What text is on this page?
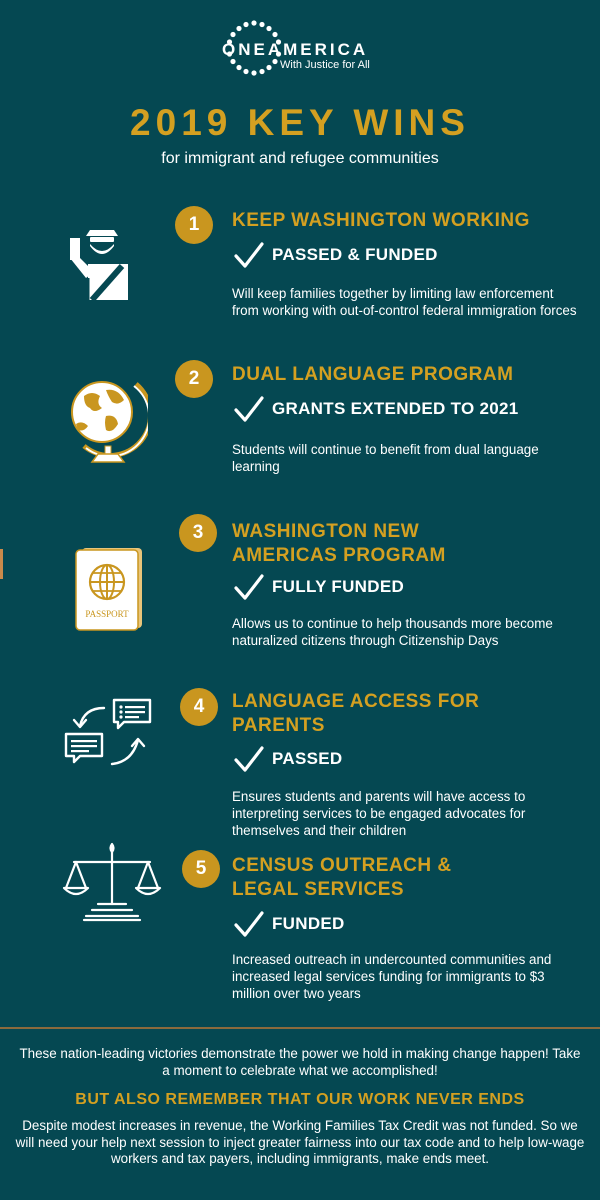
ONEAMERICA
With Justice for All
2019 KEY WINS
for immigrant and refugee communities
1	KEEP WASHINGTON WORKING
PASSED & FUNDED
Will keep families together by limiting law enforcement from working with out-of-control federal immigration forces
2	DUAL LANGUAGE PROGRAM
GRANTS EXTENDED TO 2021
Students will continue to benefit from dual language learning
PASSPORT
3	WASHINGTON NEW
AMERICAS PROGRAM
FULLY FUNDED
Allows us to continue to help thousands more become naturalized citizens through Citizenship Days
4	LANGUAGE ACCESS FOR
PARENTS
PASSED
Ensures students and parents will have access to interpreting services to be engaged advocates for themselves and their children
5	CENSUS OUTREACH &
LEGAL SERVICES
FUNDED
Increased outreach in undercounted communities and increased legal services funding for immigrants to $3 million over two years
These nation-leading victories demonstrate the power we hold in making change happen! Take a moment to celebrate what we accomplished!
BUT ALSO REMEMBER THAT OUR WORK NEVER ENDS
Despite modest increases in revenue, the Working Families Tax Credit was not funded. So we will need your help next session to inject greater fairness into our tax code and to help low-wage workers and tax payers, including immigrants, make ends meet.
